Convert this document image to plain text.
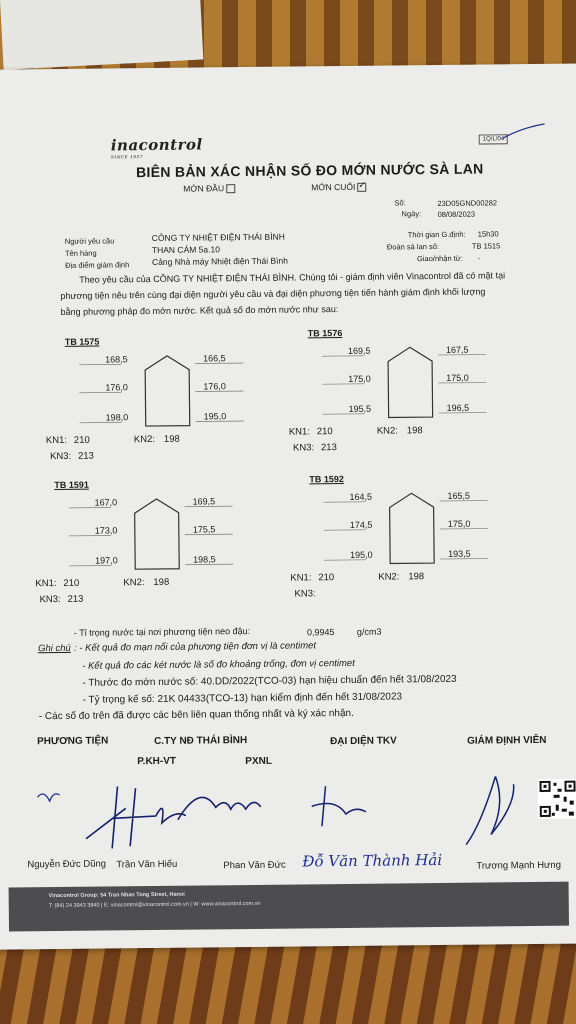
inacontrol
SINCE 1957
1Q/L/04
BIÊN BẢN XÁC NHẬN SỐ ĐO MỚN NƯỚC SÀ LAN
MỚN ĐẦU	MỚN CUỐI ✓
Số:	23D05GND00282
Ngày: 08/08/2023
Người yêu cầu	CÔNG TY NHIỆT ĐIỆN THÁI BÌNH
Tên hàng	THAN CÁM 5a.10
Địa điểm giám định	Cảng Nhà máy Nhiệt điện Thái Bình
Thời gian G.định: 15h30
Đoàn sà lan số:	TB 1515
Giao/nhận từ: -
Theo yêu cầu của CÔNG TY NHIỆT ĐIỆN THÁI BÌNH. Chúng tôi - giám định viên Vinacontrol đã có mặt tại
phương tiện nêu trên cùng đại diện người yêu cầu và đại diện phương tiện tiến hành giám định khối lượng
bằng phương pháp đo mớn nước. Kết quả số đo mớn nước như sau:
TB 1575
168,5	166,5
176,0	176,0
198,0	195,0
KN1: 210	KN2: 198
KN3: 213
TB 1576
169,5	167,5
175,0	175,0
195,5	196,5
KN1: 210	KN2: 198
KN3: 213
TB 1591
167,0	169,5
173,0	175,5
197,0	198,5
KN1: 210	KN2: 198
KN3: 213
TB 1592
164,5	165,5
174,5	175,0
195,0	193,5
KN1: 210	KN2: 198
KN3:
- Tỉ trọng nước tại nơi phương tiện neo đậu:	0,9945 g/cm3
Ghi chú : - Kết quả đo mạn nổi của phương tiện đơn vị là centimet
- Kết quả đo các két nước là số đo khoảng trống, đơn vị centimet
- Thước đo mớn nước số: 40.DD/2022(TCO-03) hạn hiệu chuẩn đến hết 31/08/2023
- Tỷ trọng kế số: 21K 04433(TCO-13) hạn kiểm định đến hết 31/08/2023
- Các số đo trên đã được các bên liên quan thống nhất và ký xác nhận.
PHƯƠNG TIỆN	C.TY NĐ THÁI BÌNH	ĐẠI DIỆN TKV	GIÁM ĐỊNH VIÊN
P.KH-VT	PXNL
Nguyễn Đức Dũng Trần Văn Hiếu	Phan Văn Đức Đỗ Văn Thành Hải	Trương Mạnh Hưng
Vinacontrol Group: 54 Tran Nhan Tong Street, Hanoi
T: (84) 24 3943 3840 | E: vinacontrol@vinacontrol.com.vn | W: www.vinacontrol.com.vn
